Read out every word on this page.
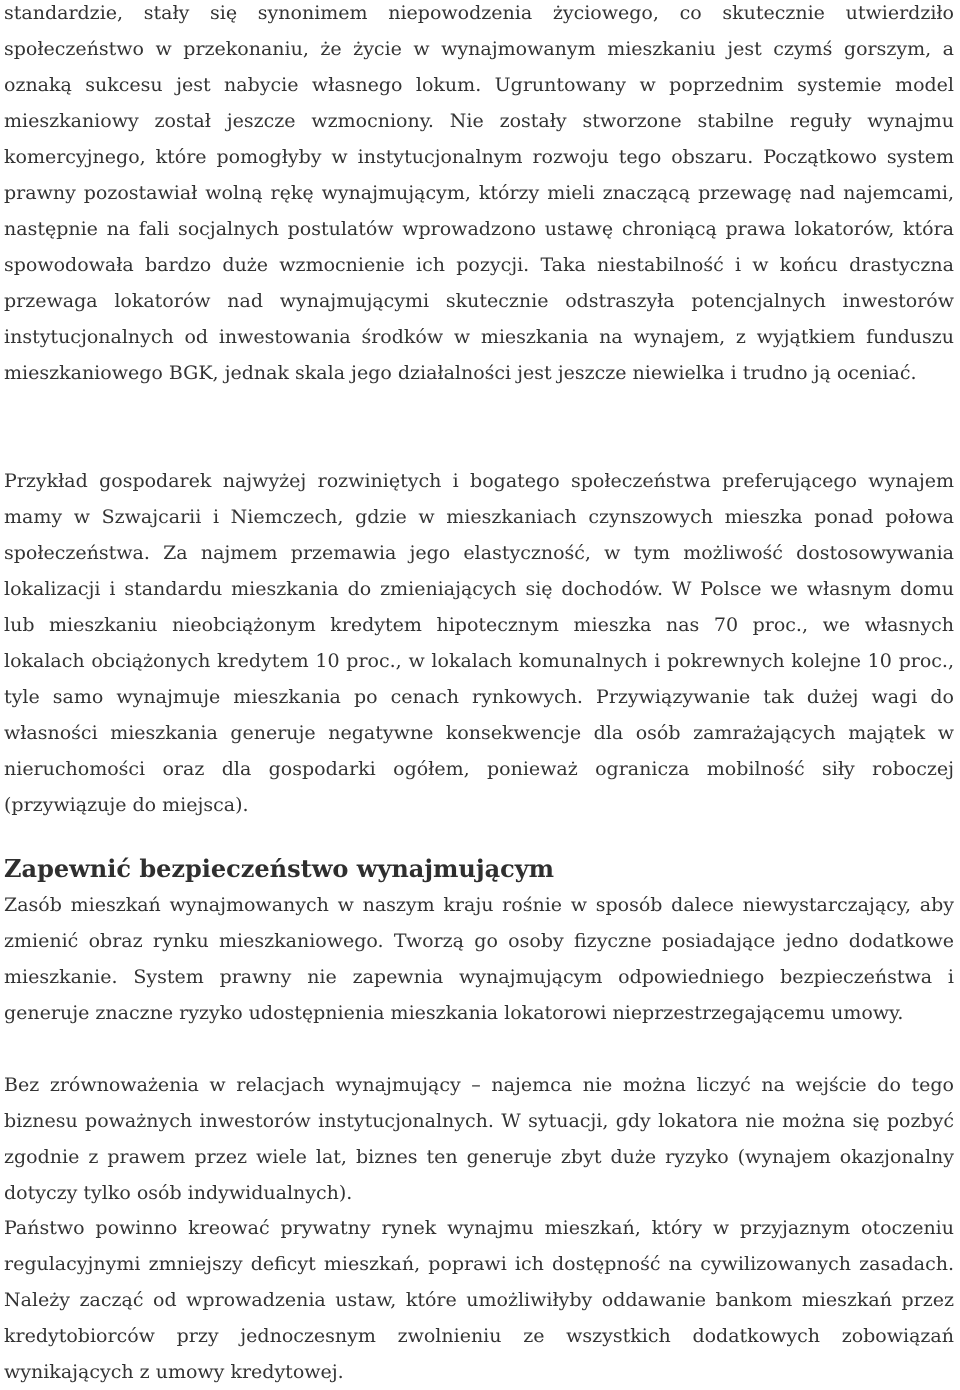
standardzie, stały się synonimem niepowodzenia życiowego, co skutecznie utwierdziło społeczeństwo w przekonaniu, że życie w wynajmowanym mieszkaniu jest czymś gorszym, a oznaką sukcesu jest nabycie własnego lokum. Ugruntowany w poprzednim systemie model mieszkaniowy został jeszcze wzmocniony. Nie zostały stworzone stabilne reguły wynajmu komercyjnego, które pomogłyby w instytucjonalnym rozwoju tego obszaru. Początkowo system prawny pozostawiał wolną rękę wynajmującym, którzy mieli znaczącą przewagę nad najemcami, następnie na fali socjalnych postulatów wprowadzono ustawę chroniącą prawa lokatorów, która spowodowała bardzo duże wzmocnienie ich pozycji. Taka niestabilność i w końcu drastyczna przewaga lokatorów nad wynajmującymi skutecznie odstraszyła potencjalnych inwestorów instytucjonalnych od inwestowania środków w mieszkania na wynajem, z wyjątkiem funduszu mieszkaniowego BGK, jednak skala jego działalności jest jeszcze niewielka i trudno ją oceniać.

Przykład gospodarek najwyżej rozwiniętych i bogatego społeczeństwa preferującego wynajem mamy w Szwajcarii i Niemczech, gdzie w mieszkaniach czynszowych mieszka ponad połowa społeczeństwa. Za najmem przemawia jego elastyczność, w tym możliwość dostosowywania lokalizacji i standardu mieszkania do zmieniających się dochodów. W Polsce we własnym domu lub mieszkaniu nieobciążonym kredytem hipotecznym mieszka nas 70 proc., we własnych lokalach obciążonych kredytem 10 proc., w lokalach komunalnych i pokrewnych kolejne 10 proc., tyle samo wynajmuje mieszkania po cenach rynkowych. Przywiązywanie tak dużej wagi do własności mieszkania generuje negatywne konsekwencje dla osób zamrażających majątek w nieruchomości oraz dla gospodarki ogółem, ponieważ ogranicza mobilność siły roboczej (przywiązuje do miejsca).

Zapewnić bezpieczeństwo wynajmującym

Zasób mieszkań wynajmowanych w naszym kraju rośnie w sposób dalece niewystarczający, aby zmienić obraz rynku mieszkaniowego. Tworzą go osoby fizyczne posiadające jedno dodatkowe mieszkanie. System prawny nie zapewnia wynajmującym odpowiedniego bezpieczeństwa i generuje znaczne ryzyko udostępnienia mieszkania lokatorowi nieprzestrzegającemu umowy.

Bez zrównoważenia w relacjach wynajmujący – najemca nie można liczyć na wejście do tego biznesu poważnych inwestorów instytucjonalnych. W sytuacji, gdy lokatora nie można się pozbyć zgodnie z prawem przez wiele lat, biznes ten generuje zbyt duże ryzyko (wynajem okazjonalny dotyczy tylko osób indywidualnych).

Państwo powinno kreować prywatny rynek wynajmu mieszkań, który w przyjaznym otoczeniu regulacyjnymi zmniejszy deficyt mieszkań, poprawi ich dostępność na cywilizowanych zasadach. Należy zacząć od wprowadzenia ustaw, które umożliwiłyby oddawanie bankom mieszkań przez kredytobiorców przy jednoczesnym zwolnieniu ze wszystkich dodatkowych zobowiązań wynikających z umowy kredytowej.
